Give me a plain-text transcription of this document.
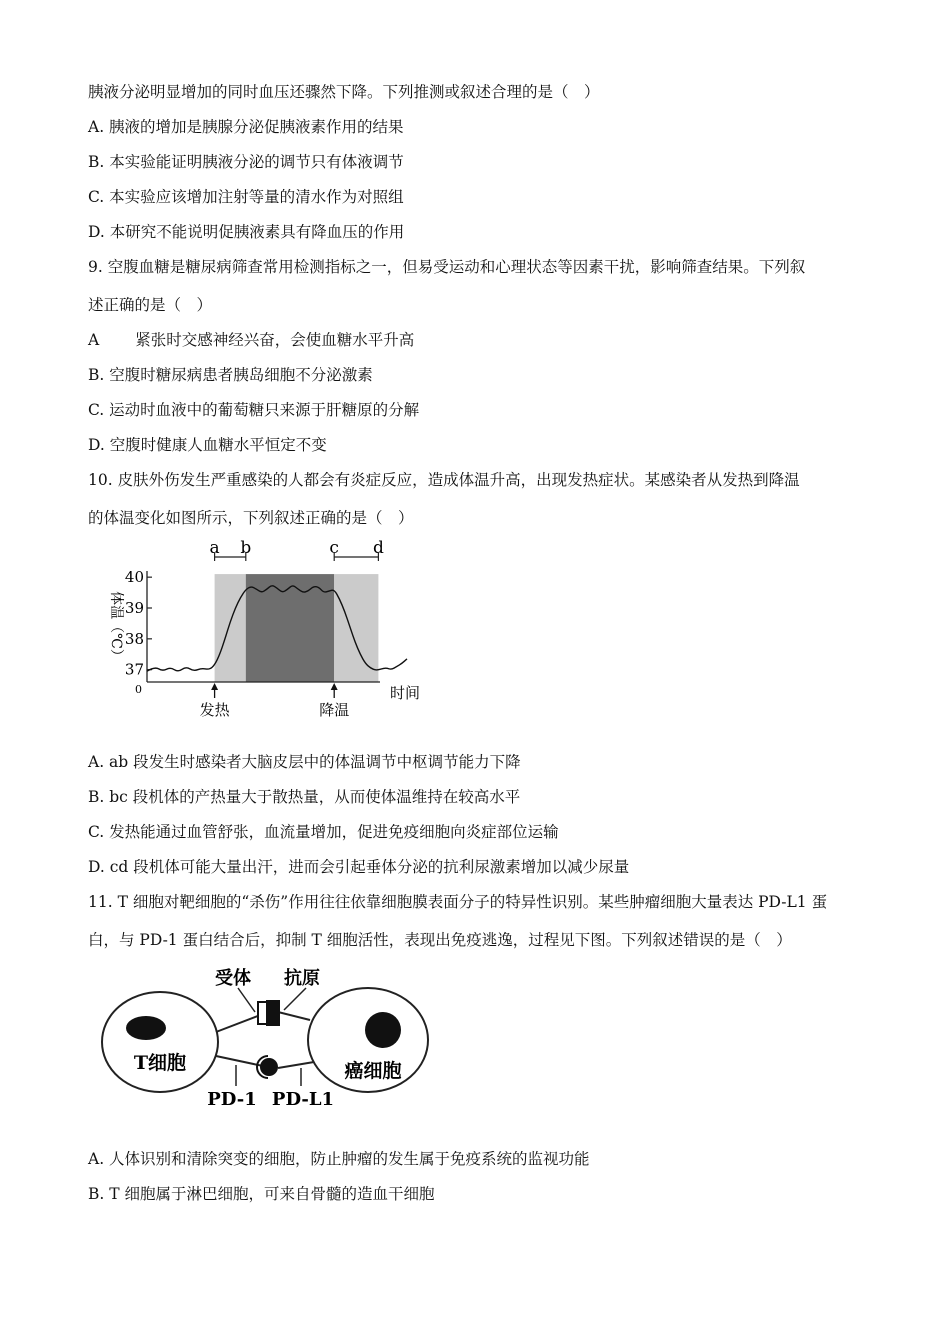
胰液分泌明显增加的同时血压还骤然下降。下列推测或叙述合理的是（　）
A. 胰液的增加是胰腺分泌促胰液素作用的结果
B. 本实验能证明胰液分泌的调节只有体液调节
C. 本实验应该增加注射等量的清水作为对照组
D. 本研究不能说明促胰液素具有降血压的作用
9. 空腹血糖是糖尿病筛查常用检测指标之一，但易受运动和心理状态等因素干扰，影响筛查结果。下列叙
述正确的是（　）
A 紧张时交感神经兴奋，会使血糖水平升高
B. 空腹时糖尿病患者胰岛细胞不分泌激素
C. 运动时血液中的葡萄糖只来源于肝糖原的分解
D. 空腹时健康人血糖水平恒定不变
10. 皮肤外伤发生严重感染的人都会有炎症反应，造成体温升高，出现发热症状。某感染者从发热到降温
的体温变化如图所示，下列叙述正确的是（　）
37
38
39
40
0
体温（℃）
时间
a b	c d
发热	降温
A. ab 段发生时感染者大脑皮层中的体温调节中枢调节能力下降
B. bc 段机体的产热量大于散热量，从而使体温维持在较高水平
C. 发热能通过血管舒张，血流量增加，促进免疫细胞向炎症部位运输
D. cd 段机体可能大量出汗，进而会引起垂体分泌的抗利尿激素增加以减少尿量
11. T 细胞对靶细胞的“杀伤”作用往往依靠细胞膜表面分子的特异性识别。某些肿瘤细胞大量表达 PD-L1 蛋
白，与 PD-1 蛋白结合后，抑制 T 细胞活性，表现出免疫逃逸，过程见下图。下列叙述错误的是（　）
T细胞	癌细胞
受体 抗原
PD-1 PD-L1
A. 人体识别和清除突变的细胞，防止肿瘤的发生属于免疫系统的监视功能
B. T 细胞属于淋巴细胞，可来自骨髓的造血干细胞
